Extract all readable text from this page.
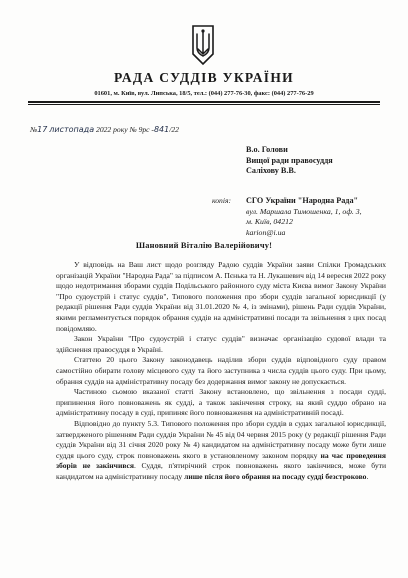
РАДА СУДДІВ УКРАЇНИ
01601, м. Київ, вул. Липська, 18/5, тел.: (044) 277-76-30, факс: (044) 277-76-29
№17 листопада 2022 року № 9рс -841/22
В.о. Голови
Вищої ради правосуддя
Саліхову В.В.
копія: СГО України "Народна Рада"
вул. Маршала Тимошенка, 1, оф. 3,
м. Київ, 04212
karion@i.ua
Шановний Віталію Валерійовичу!

У відповідь на Ваш лист щодо розгляду Радою суддів України заяви Спілки Громадських організацій України "Народна Рада" за підписом А. Пєнька та Н. Лукашевич від 14 вересня 2022 року щодо недотримання зборами суддів Подільського районного суду міста Києва вимог Закону України "Про судоустрій і статус суддів", Типового положення про збори суддів загальної юрисдикції (у редакції рішення Ради суддів України від 31.01.2020 № 4, із змінами), рішень Ради суддів України, якими регламентується порядок обрання суддів на адміністративні посади та звільнення з цих посад повідомляю.

Закон України "Про судоустрій і статус суддів" визначає організацію судової влади та здійснення правосуддя в Україні.

Статтею 20 цього Закону законодавець наділив збори суддів відповідного суду правом самостійно обирати голову місцевого суду та його заступника з числа суддів цього суду. При цьому, обрання суддів на адміністративну посаду без додержання вимог закону не допускається.

Частиною сьомою вказаної статті Закону встановлено, що звільнення з посади судді, припинення його повноважень як судді, а також закінчення строку, на який суддю обрано на адміністративну посаду в суді, припиняє його повноваження на адміністративній посаді.

Відповідно до пункту 5.3. Типового положення про збори суддів в судах загальної юрисдикції, затвердженого рішенням Ради суддів України № 45 від 04 червня 2015 року (у редакції рішення Ради суддів України від 31 січня 2020 року № 4) кандидатом на адміністративну посаду може бути лише суддя цього суду, строк повноважень якого в установленому законом порядку на час проведення зборів не закінчився. Суддя, п'ятирічний строк повноважень якого закінчився, може бути кандидатом на адміністративну посаду лише після його обрання на посаду судді безстроково.
